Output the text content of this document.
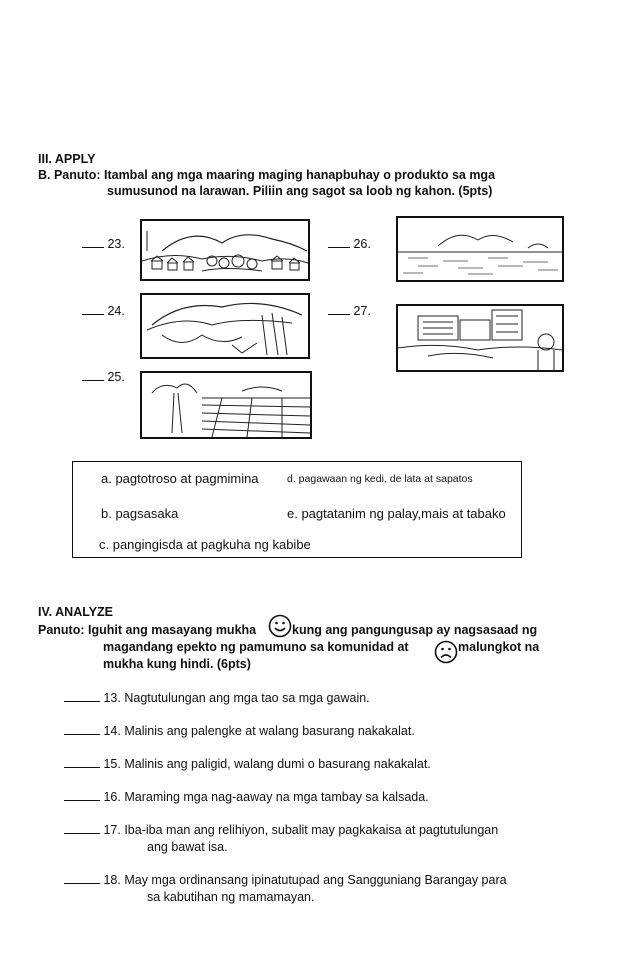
III. APPLY
B. Panuto: Itambal ang mga maaring maging hanapbuhay o produkto sa mga
sumusunod na larawan. Piliin ang sagot sa loob ng kahon. (5pts)
23.	26.
24.	27.
25.
a. pagtotroso at pagmimina	d. pagawaan ng kedi, de lata at sapatos
b. pagsasaka	e. pagtatanim ng palay,mais at tabako
c. pangingisda at pagkuha ng kabibe
IV. ANALYZE
Panuto: Iguhit ang masayang mukha	kung ang pangungusap ay nagsasaad ng
magandang epekto ng pamumuno sa komunidad at	malungkot na
mukha kung hindi. (6pts)
13. Nagtutulungan ang mga tao sa mga gawain.
14. Malinis ang palengke at walang basurang nakakalat.
15. Malinis ang paligid, walang dumi o basurang nakakalat.
16. Maraming mga nag-aaway na mga tambay sa kalsada.
17. Iba-iba man ang relihiyon, subalit may pagkakaisa at pagtutulungan
ang bawat isa.
18. May mga ordinansang ipinatutupad ang Sangguniang Barangay para
sa kabutihan ng mamamayan.
